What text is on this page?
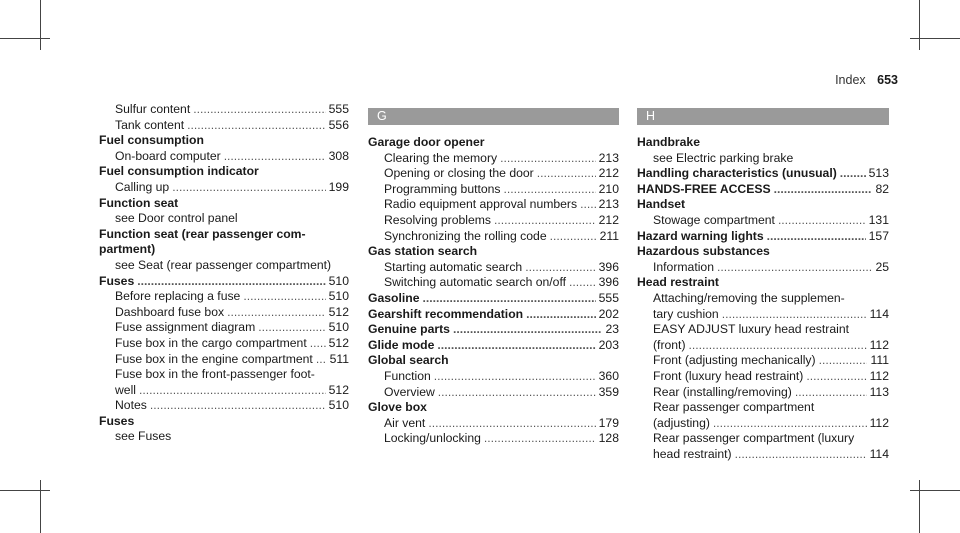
Index 653
Sulfur content . . .	555
Tank content . . .	556
Fuel consumption
On-board computer . . .	308
Fuel consumption indicator
Calling up . . .	199
Function seat
see Door control panel
Function seat (rear passenger com-
partment)
see Seat (rear passenger compartment)
Fuses . . .	510
Before replacing a fuse . . .	510
Dashboard fuse box . . .	512
Fuse assignment diagram . . .	510
Fuse box in the cargo compartment . . . 512
Fuse box in the engine compartment . . . 511
Fuse box in the front-passenger foot-
well . . .	512
Notes . . .	510
Fuses
see Fuses
G
Garage door opener
Clearing the memory . . .	213
Opening or closing the door . . .	212
Programming buttons . . .	210
Radio equipment approval numbers . . . 213
Resolving problems . . .	212
Synchronizing the rolling code . . .	211
Gas station search
Starting automatic search . . .	396
Switching automatic search on/off . . .	396
Gasoline . . .	555
Gearshift recommendation . . .	202
Genuine parts . . .	23
Glide mode . . .	203
Global search
Function . . .	360
Overview . . .	359
Glove box
Air vent . . .	179
Locking/unlocking . . .	128
H
Handbrake
see Electric parking brake
Handling characteristics (unusual) . . .	513
HANDS-FREE ACCESS . . .	82
Handset
Stowage compartment . . .	131
Hazard warning lights . . .	157
Hazardous substances
Information . . .	25
Head restraint
Attaching/removing the supplemen-
tary cushion . . .	114
EASY ADJUST luxury head restraint
(front) . . .	112
Front (adjusting mechanically) . . .	111
Front (luxury head restraint) . . .	112
Rear (installing/removing) . . .	113
Rear passenger compartment
(adjusting) . . .	112
Rear passenger compartment (luxury
head restraint) . . .	114
